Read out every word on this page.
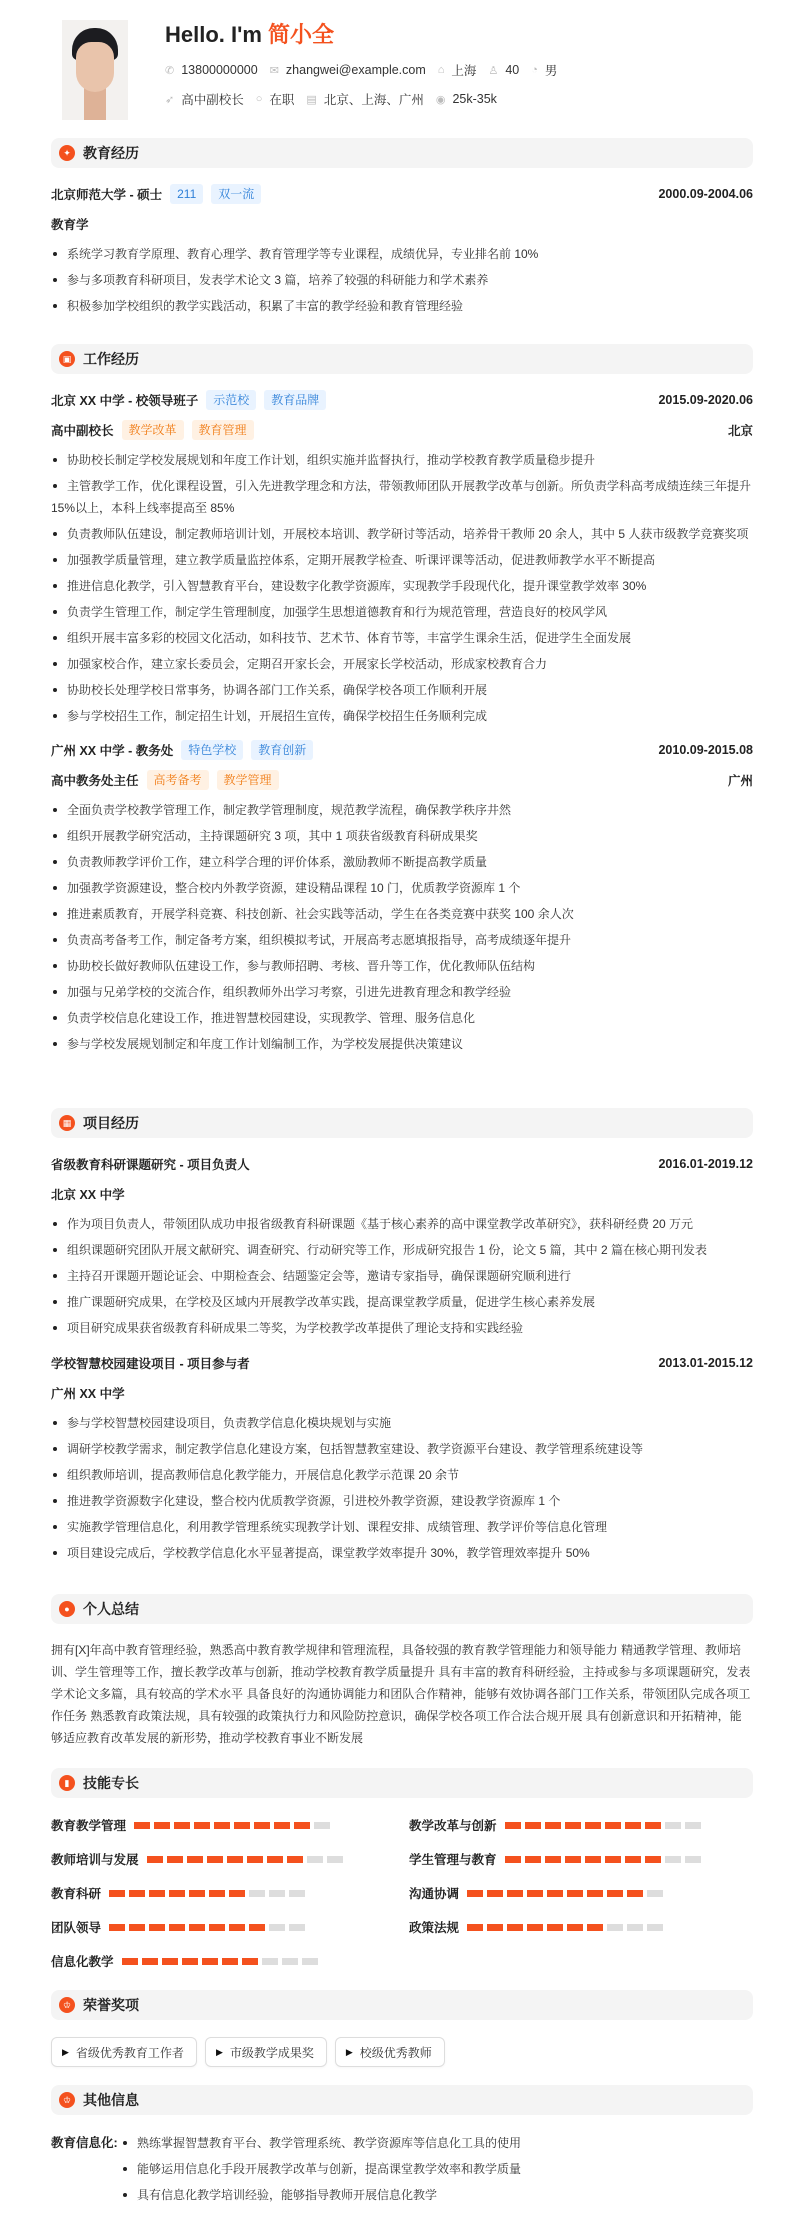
Hello. I'm 简小全
✆ 13800000000 ✉ zhangwei@example.com ⌂ 上海 ♙ 40 ◔ 男
➶ 高中副校长 ○ 在职 ▤ 北京、上海、广州 ◉ 25k-35k
✦ 教育经历
北京师范大学 - 硕士	211	双一流	2000.09-2004.06
教育学
系统学习教育学原理、教育心理学、教育管理学等专业课程，成绩优异，专业排名前 10%
参与多项教育科研项目，发表学术论文 3 篇，培养了较强的科研能力和学术素养
积极参加学校组织的教学实践活动，积累了丰富的教学经验和教育管理经验
▣ 工作经历
北京 XX 中学 - 校领导班子	示范校	教育品牌	2015.09-2020.06
高中副校长	教学改革	教育管理	北京
协助校长制定学校发展规划和年度工作计划，组织实施并监督执行，推动学校教育教学质量稳步提升
主管教学工作，优化课程设置，引入先进教学理念和方法，带领教师团队开展教学改革与创新。所负责学科高考成绩连续三年提升 15%以上，本科上线率提高至 85%
负责教师队伍建设，制定教师培训计划，开展校本培训、教学研讨等活动，培养骨干教师 20 余人，其中 5 人获市级教学竞赛奖项
加强教学质量管理，建立教学质量监控体系，定期开展教学检查、听课评课等活动，促进教师教学水平不断提高
推进信息化教学，引入智慧教育平台，建设数字化教学资源库，实现教学手段现代化，提升课堂教学效率 30%
负责学生管理工作，制定学生管理制度，加强学生思想道德教育和行为规范管理，营造良好的校风学风
组织开展丰富多彩的校园文化活动，如科技节、艺术节、体育节等，丰富学生课余生活，促进学生全面发展
加强家校合作，建立家长委员会，定期召开家长会，开展家长学校活动，形成家校教育合力
协助校长处理学校日常事务，协调各部门工作关系，确保学校各项工作顺利开展
参与学校招生工作，制定招生计划，开展招生宣传，确保学校招生任务顺利完成
广州 XX 中学 - 教务处	特色学校	教育创新	2010.09-2015.08
高中教务处主任	高考备考	教学管理	广州
全面负责学校教学管理工作，制定教学管理制度，规范教学流程，确保教学秩序井然
组织开展教学研究活动，主持课题研究 3 项，其中 1 项获省级教育科研成果奖
负责教师教学评价工作，建立科学合理的评价体系，激励教师不断提高教学质量
加强教学资源建设，整合校内外教学资源，建设精品课程 10 门，优质教学资源库 1 个
推进素质教育，开展学科竞赛、科技创新、社会实践等活动，学生在各类竞赛中获奖 100 余人次
负责高考备考工作，制定备考方案，组织模拟考试，开展高考志愿填报指导，高考成绩逐年提升
协助校长做好教师队伍建设工作，参与教师招聘、考核、晋升等工作，优化教师队伍结构
加强与兄弟学校的交流合作，组织教师外出学习考察，引进先进教育理念和教学经验
负责学校信息化建设工作，推进智慧校园建设，实现教学、管理、服务信息化
参与学校发展规划制定和年度工作计划编制工作，为学校发展提供决策建议
▦ 项目经历
省级教育科研课题研究 - 项目负责人	2016.01-2019.12
北京 XX 中学
作为项目负责人，带领团队成功申报省级教育科研课题《基于核心素养的高中课堂教学改革研究》，获科研经费 20 万元
组织课题研究团队开展文献研究、调查研究、行动研究等工作，形成研究报告 1 份，论文 5 篇，其中 2 篇在核心期刊发表
主持召开课题开题论证会、中期检查会、结题鉴定会等，邀请专家指导，确保课题研究顺利进行
推广课题研究成果，在学校及区域内开展教学改革实践，提高课堂教学质量，促进学生核心素养发展
项目研究成果获省级教育科研成果二等奖，为学校教学改革提供了理论支持和实践经验
学校智慧校园建设项目 - 项目参与者	2013.01-2015.12
广州 XX 中学
参与学校智慧校园建设项目，负责教学信息化模块规划与实施
调研学校教学需求，制定教学信息化建设方案，包括智慧教室建设、教学资源平台建设、教学管理系统建设等
组织教师培训，提高教师信息化教学能力，开展信息化教学示范课 20 余节
推进教学资源数字化建设，整合校内优质教学资源，引进校外教学资源，建设教学资源库 1 个
实施教学管理信息化，利用教学管理系统实现教学计划、课程安排、成绩管理、教学评价等信息化管理
项目建设完成后，学校教学信息化水平显著提高，课堂教学效率提升 30%，教学管理效率提升 50%
● 个人总结
拥有[X]年高中教育管理经验，熟悉高中教育教学规律和管理流程，具备较强的教育教学管理能力和领导能力 精通教学管理、教师培训、学生管理等工作，擅长教学改革与创新，推动学校教育教学质量提升 具有丰富的教育科研经验，主持或参与多项课题研究，发表学术论文多篇，具有较高的学术水平 具备良好的沟通协调能力和团队合作精神，能够有效协调各部门工作关系，带领团队完成各项工作任务 熟悉教育政策法规，具有较强的政策执行力和风险防控意识，确保学校各项工作合法合规开展 具有创新意识和开拓精神，能够适应教育改革发展的新形势，推动学校教育事业不断发展
▮ 技能专长
教育教学管理	教学改革与创新
教师培训与发展	学生管理与教育
教育科研	沟通协调
团队领导	政策法规
信息化教学
♔ 荣誉奖项
▶ 省级优秀教育工作者	▶ 市级教学成果奖	▶ 校级优秀教师
♔ 其他信息
教育信息化:	熟练掌握智慧教育平台、教学管理系统、教学资源库等信息化工具的使用
能够运用信息化手段开展教学改革与创新，提高课堂教学效率和教学质量
具有信息化教学培训经验，能够指导教师开展信息化教学
